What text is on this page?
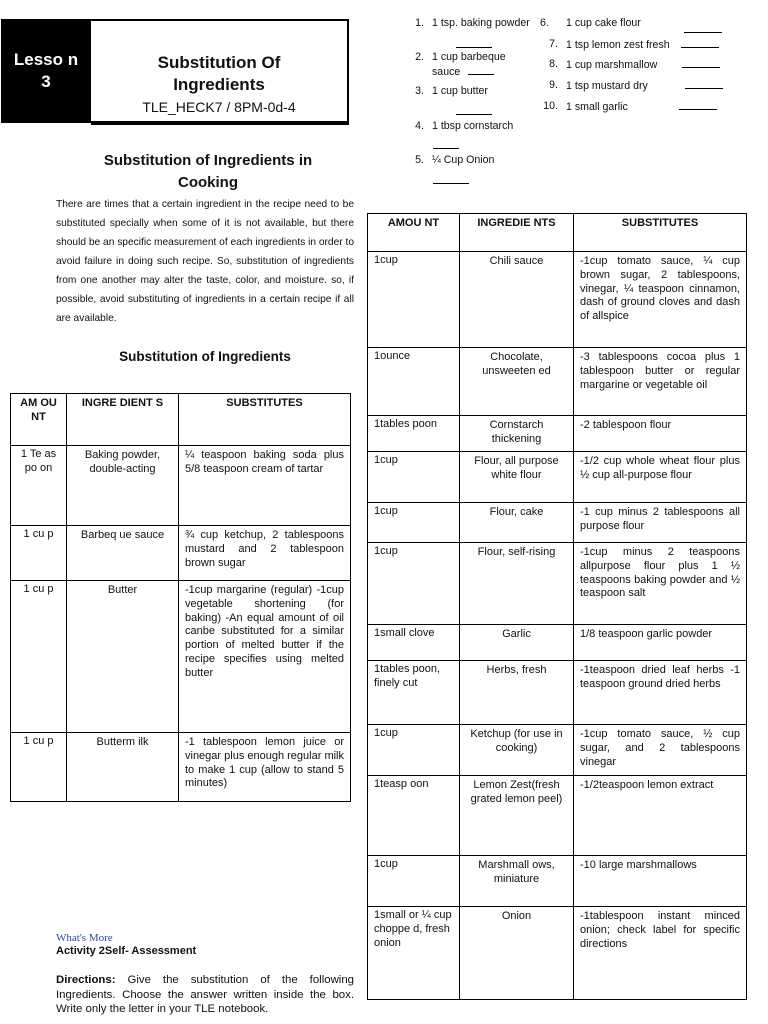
Lesso n 3
Substitution Of
Ingredients
TLE_HECK7 / 8PM-0d-4
Substitution of Ingredients in
Cooking
There are times that a certain ingredient in the recipe need to be substituted specially when some of it is not available, but there should be an specific measurement of each ingredients in order to avoid failure in doing such recipe. So, substitution of ingredients from one another may alter the taste, color, and moisture. so, if possible, avoid substituting of ingredients in a certain recipe if all are available.
Substitution of Ingredients
AM OU NT	INGRE DIENT S	SUBSTITUTES
1 Te as po on	Baking powder, double-acting	¼ teaspoon baking soda plus 5/8 teaspoon cream of tartar
1 cu p	Barbeq ue sauce	¾ cup ketchup, 2 tablespoons mustard and 2 tablespoon brown sugar
1 cu p	Butter	-1cup margarine (regular) -1cup vegetable shortening (for baking) -An equal amount of oil canbe substituted for a similar portion of melted butter if the recipe specifies using melted butter
1 cu p	Butterm ilk	-1 tablespoon lemon juice or vinegar plus enough regular milk to make 1 cup (allow to stand 5 minutes)
AMOU NT	INGREDIE NTS	SUBSTITUTES
1cup	Chili sauce	-1cup tomato sauce, ¼ cup brown sugar, 2 tablespoons, vinegar, ¼ teaspoon cinnamon, dash of ground cloves and dash of allspice
1ounce	Chocolate, unsweeten ed	-3 tablespoons cocoa plus 1 tablespoon butter or regular margarine or vegetable oil
1tables poon	Cornstarch thickening	-2 tablespoon flour
1cup	Flour, all purpose white flour	-1/2 cup whole wheat flour plus ½ cup all-purpose flour
1cup	Flour, cake	-1 cup minus 2 tablespoons all purpose flour
1cup	Flour, self-rising	-1cup minus 2 teaspoons allpurpose flour plus 1 ½ teaspoons baking powder and ½ teaspoon salt
1small clove	Garlic	1/8 teaspoon garlic powder
1tables poon, finely cut	Herbs, fresh	-1teaspoon dried leaf herbs -1 teaspoon ground dried herbs
1cup	Ketchup (for use in cooking)	-1cup tomato sauce, ½ cup sugar, and 2 tablespoons vinegar
1teasp oon	Lemon Zest(fresh grated lemon peel)	-1/2teaspoon lemon extract
1cup	Marshmall ows, miniature	-10 large marshmallows
1small or ¼ cup choppe d, fresh onion	Onion	-1tablespoon instant minced onion; check label for specific directions
1. 1 tsp. baking powder
2. 1 cup barbeque
sauce
3. 1 cup butter
4. 1 tbsp cornstarch
5. ¼ Cup Onion
1 cup cake flour
6.
7. 1 tsp lemon zest fresh
8. 1 cup marshmallow
9. 1 tsp mustard dry
10. 1 small garlic
What's More
Activity 2Self- Assessment
Directions: Give the substitution of the following Ingredients. Choose the answer written inside the box. Write only the letter in your TLE notebook.
